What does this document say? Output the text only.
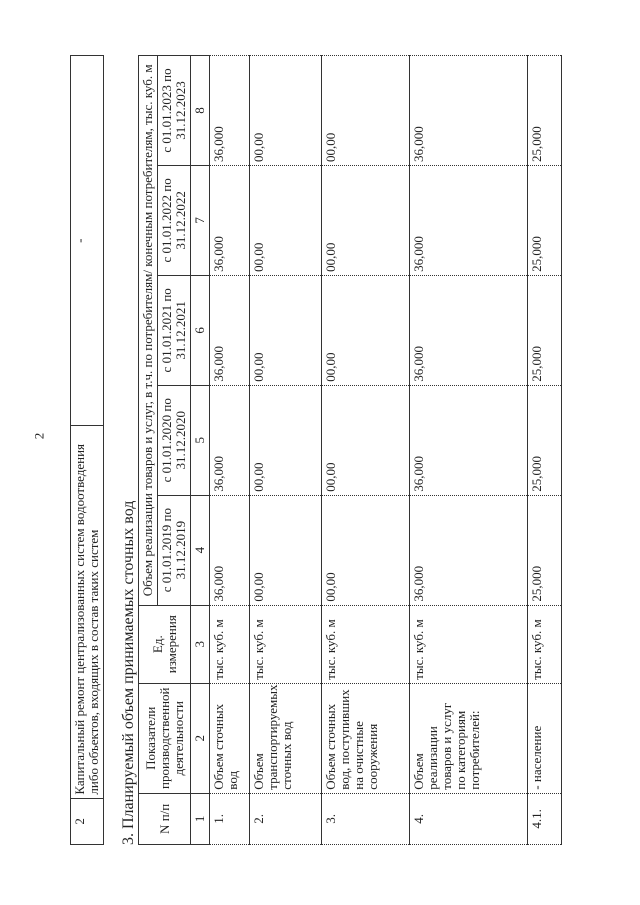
2
2	Капитальный ремонт централизованных систем водоотведения либо объектов, входящих в состав таких систем	-
3. Планируемый объем принимаемых сточных вод N п/п	Показатели производственной деятельности	Ед. измерения	Объем реализации товаров и услуг, в т.ч. по потребителям/ конечным потребителям, тыс. куб. м				
			с 01.01.2019 по 31.12.2019	с 01.01.2020 по 31.12.2020	с 01.01.2021 по 31.12.2021	с 01.01.2022 по 31.12.2022	с 01.01.2023 по 31.12.2023
1	2	3	4	5	6	7	8
1.	Объем сточных вод	тыс. куб. м	36,000	36,000	36,000	36,000	36,000
2.	Объем транспортируемых сточных вод	тыс. куб. м	00,00	00,00	00,00	00,00	00,00
3.	Объем сточных вод, поступивших на очистные сооружения	тыс. куб. м	00,00	00,00	00,00	00,00	00,00
4.	Объем реализации товаров и услуг по категориям потребителей:	тыс. куб. м	36,000	36,000	36,000	36,000	36,000
4.1.	- население	тыс. куб. м	25,000	25,000	25,000	25,000	25,000
